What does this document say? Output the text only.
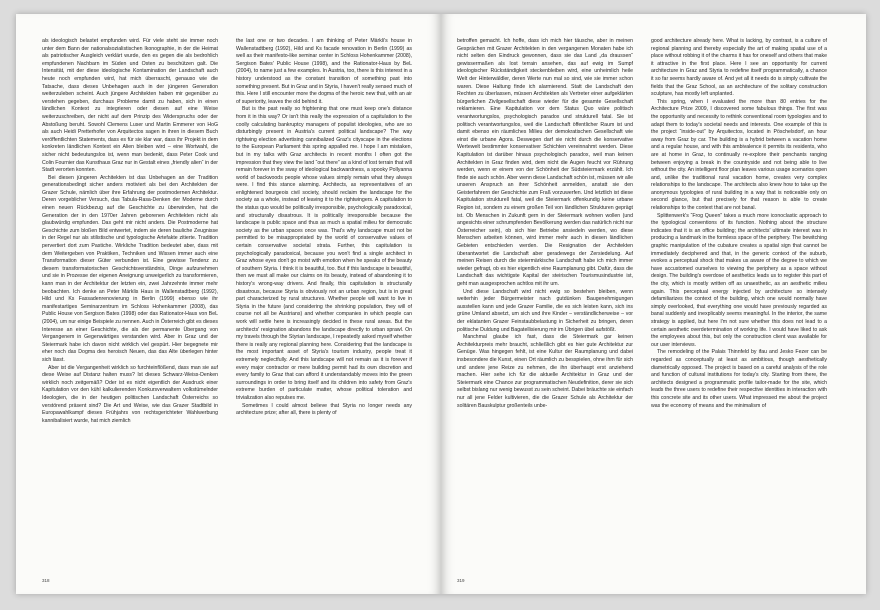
als ideologisch belastet empfunden wird. Für viele steht sie immer noch unter dem Bann der nationalsozialistischen Ikonographie, in der die Heimat als patriotischer Ausgleich verklärt wurde, den es gegen die als bedrohlich empfundenen Nachbarn im Süden und Osten zu beschützen galt. Die Intensität, mit der diese ideologische Kontamination der Landschaft auch heute noch empfunden wird, hat mich überrascht, genauso wie die Tatsache, dass dieses Unbehagen auch in der jüngeren Generation weiterzuleben scheint. Auch jüngere Architekten haben mir gegenüber zu verstehen gegeben, durchaus Probleme damit zu haben, sich in einen ländlichen Kontext zu integrieren oder diesen auf eine Weise weiterzuschreiben, der nicht auf dem Prinzip des Widerspruchs oder der Abstoßung beruht. Sowohl Clemens Luser und Martin Emmerer von HoG als auch Heidi Pretterhofer von Arquitectos sagen in ihren in diesem Buch veröffentlichten Statements, dass es für sie klar war, dass ihr Projekt in dem konkreten ländlichen Kontext ein Alien bleiben wird – eine Wortwahl, die sicher nicht bedeutungslos ist, wenn man bedenkt, dass Peter Cook und Colin Fournier das Kunsthaus Graz nur in Gestalt eines „friendly alien“ in der Stadt verorten konnten.

Bei diesen jüngeren Architekten ist das Unbehagen an der Tradition generationsbedingt sicher anders motiviert als bei den Architekten der Grazer Schule, nämlich über ihre Erfahrung der postmodernen Architektur. Deren vorgeblicher Versuch, das Tabula-Rasa-Denken der Moderne durch einen neuen Rückbezug auf die Geschichte zu überwinden, hat die Generation der in den 1970er Jahren geborenen Architekten nicht als glaubwürdig empfunden. Das geht mir nicht anders. Die Postmoderne hat Geschichte zum bloßen Bild entwertet, indem sie deren bauliche Zeugnisse in der Regel nur als stilistische und typologische Artefakte zitierte. Tradition pervertiert dort zum Pastiche. Wirkliche Tradition bedeutet aber, dass mit dem Weitergeben von Praktiken, Techniken und Wissen immer auch eine Transformation dieser Güter verbunden ist. Eine gewisse Tendenz zu diesem transformatorischen Geschichtsverständnis, Dinge aufzunehmen und sie in Prozesse der eigenen Aneignung unweigerlich zu transformieren, kann man in der Architektur der letzten ein, zwei Jahrzehnte immer mehr beobachten. Ich denke an Peter Märklis Haus in Wallenstadtberg (1992), Hild und Ks Fassadenrenovierung in Berlin (1999) ebenso wie ihr manifestartiges Seminarzentrum im Schloss Hohenkammer (2008), das Public House von Sergison Bates (1998) oder das Rationator-Haus von BeL (2004), um nur einige Beispiele zu nennen. Auch in Österreich gibt es dieses Interesse an einer Geschichte, die als der permanente Übergang von Vergangenem in Gegenwärtiges verstanden wird. Aber in Graz und der Steiermark habe ich davon nicht wirklich viel gespürt. Hier begegnete mir eher noch das Dogma des heroisch Neuen, das das Alte überlegen hinter sich lässt.

Aber ist die Vergangenheit wirklich so furchteinflößend, dass man sie auf diese Weise auf Distanz halten muss? Ist dieses Schwarz-Weiss-Denken wirklich noch zeitgemäß? Oder ist es nicht eigentlich der Ausdruck einer Kapitulation vor den kühl kalkulierenden Konkursverwaltern volkstümelnder Ideologien, die in der heutigen politischen Landschaft Österreichs so verstörend präsent sind? Die Art und Weise, wie das Grazer Stadtbild in Europawahlkampf dieses Frühjahrs von rechtsgerichteter Wahlwerbung kannibalisiert wurde, hat mich ziemlich

the last one or two decades. I am thinking of Peter Märkli's house in Wallenstadtberg (1992), Hild and Ks facade renovation in Berlin (1999) as well as their manifesto-like seminar center in Schloss Hohenkammer (2008), Sergison Bates' Public House (1998), and the Rationator-Haus by BeL (2004), to name just a few examples. In Austria, too, there is this interest in a history understood as the constant transition of something past into something present. But in Graz and in Styria, I haven't really sensed much of this. Here I still encounter more the dogma of the heroic new that, with an air of superiority, leaves the old behind it.

But is the past really so frightening that one must keep one's distance from it in this way? Or isn't this really the expression of a capitulation to the coolly calculating bankruptcy managers of populist ideologies, who are so disturbingly present in Austria's current political landscape? The way rightwing election advertising cannibalized Graz's cityscape in the elections to the European Parliament this spring appalled me. I hope I am mistaken, but in my talks with Graz architects in recent months I often got the impression that they view the land “out there” as a kind of lost terrain that will remain forever in the sway of ideological backwardness, a spooky Pollyanna world of backwoods people whose values simply remain what they always were. I find this stance alarming. Architects, as representatives of an enlightened bourgeois civil society, should reclaim the landscape for the society as a whole, instead of leaving it to the rightwingers. A capitulation to the status quo would be politically irresponsible, psychologically paradoxical, and structurally disastrous. It is politically irresponsible because the landscape is public space and thus as much a spatial milieu for democratic society as the urban spaces once was. That's why landscape must not be permitted to be misappropriated by the world of conservative values of certain conservative societal strata. Further, this capitulation is psychologically paradoxical, because you won't find a single architect in Graz whose eyes don't go moist with emotion when he speaks of the beauty of southern Styria. I think it is beautiful, too. But if this landscape is beautiful, then we must all make our claims on its beauty, instead of abandoning it to history's wrong-way drivers. And finally, this capitulation is structurally disastrous, because Styria is obviously not an urban region, but is in great part characterized by rural structures. Whether people will want to live in Styria in the future (and considering the shrinking population, they will of course not all be Austrians) and whether companies in which people can work will settle here is increasingly decided in these rural areas. But the architects' resignation abandons the landscape directly to urban sprawl. On my travels through the Styrian landscape, I repeatedly asked myself whether there is really any regional planning here. Considering that the landscape is the most important asset of Styria's tourism industry, people treat it extremely neglectfully. And this landscape will not remain as it is forever if every major contractor or mere building permit had its own discretion and every family to Graz that can afford it understandably moves into the green surroundings in order to bring itself and its children into safety from Graz's extreme burden of particulate matter, whose political toleration and trivialization also repulses me.

Sometimes I could almost believe that Styria no longer needs any architecture prize; after all, there is plenty of

318

betroffen gemacht. Ich hoffe, dass ich mich hier täusche, aber in meinen Gesprächen mit Grazer Architekten in den vergangenen Monaten habe ich nicht selten den Eindruck gewonnen, dass sie das Land „da draussen“ gewissermaßen als lost terrain ansehen, das auf ewig im Sumpf ideologischer Rückständigkeit steckenbleiben wird, eine unheimlich heile Welt der Hinterwäldler, deren Werte nun mal so sind, wie sie immer schon waren. Diese Haltung finde ich alarmierend. Statt die Landschaft den Rechten zu überlassen, müssen Architekten als Vertreter einer aufgeklärten bürgerlichen Zivilgesellschaft diese wieder für die gesamte Gesellschaft reklamieren. Eine Kapitulation vor dem Status Quo wäre politisch verantwortungslos, psychologisch paradox und strukturell fatal. Sie ist politisch verantwortungslos, weil die Landschaft öffentlicher Raum ist und damit ebenso ein räumliches Milieu der demokratischen Gesellschaft wie einst die urbane Agora. Deswegen darf sie nicht durch die konservative Wertewelt bestimmter konservativer Schichten vereinnahmt werden. Diese Kapitulation ist darüber hinaus psychologisch paradox, weil man keinen Architekten in Graz finden wird, dem nicht die Augen feucht vor Rührung werden, wenn er einem von der Schönheit der Südsteiermark erzählt. Ich finde sie auch schön. Aber wenn diese Landschaft schön ist, müssen wir alle unseren Anspruch an ihrer Schönheit anmelden, anstatt sie den Geisterfahrern der Geschichte zum Fraß vorzuwerfen. Und letztlich ist diese Kapitulation strukturell fatal, weil die Steiermark offenkundig keine urbane Region ist, sondern zu einem großen Teil von ländlichen Strukturen geprägt ist. Ob Menschen in Zukunft gern in der Steiermark wohnen wollen (und angesichts einer schrumpfenden Bevölkerung werden das natürlich nicht nur Österreicher sein), ob sich hier Betriebe ansiedeln werden, wo diese Menschen arbeiten können, wird immer mehr auch in diesen ländlichen Gebieten entschieden werden. Die Resignation der Architekten überantwortet die Landschaft aber geradewegs der Zersiedelung. Auf meinen Reisen durch die steiermärkische Landschaft habe ich mich immer wieder gefragt, ob es hier eigentlich eine Raumplanung gibt. Dafür, dass die Landschaft das wichtigste Kapital der steirischen Tourismusindustrie ist, geht man ausgesprochen achtlos mit ihr um.

Und diese Landschaft wird nicht ewig so bestehen bleiben, wenn weiterhin jeder Bürgermeister nach gutdünken Baugenehmigungen ausstellen kann und jede Grazer Familie, die es sich leisten kann, sich ins grüne Umland absetzt, um sich und ihre Kinder – verständlicherweise – vor der eklatanten Grazer Feinstaubbelastung in Sicherheit zu bringen, deren politische Duldung und Bagatellisierung mir im Übrigen übel aufstößt.

Manchmal glaube ich fast, dass die Steiermark gar keinen Architekturpreis mehr braucht, schließlich gibt es hier gute Architektur zur Genüge. Was hingegen fehlt, ist eine Kultur der Raumplanung und dabei insbesondere die Kunst, einen Ort räumlich zu besspielen, ohne ihm für sich und andere jene Reize zu nehmen, die ihn überhaupt erst anziehend machen. Hier sehe ich für die aktuelle Architektur in Graz und der Steiermark eine Chance zur programmatischen Neudefinition, derer sie sich selbst bislang nur wenig bewusst zu sein scheint. Dabei bräuchte sie einfach nur all jene Felder kultivieren, die die Grazer Schule als Architektur der solitären Bauskulptur großenteils unbe-

good architecture already here. What is lacking, by contrast, is a culture of regional planning and thereby especially the art of making spatial use of a place without robbing it of the charms it has for oneself and others that make it attractive in the first place. Here I see an opportunity for current architecture in Graz and Styria to redefine itself programmatically, a chance it so far seems hardly aware of. And yet all it needs do is simply cultivate the fields that the Graz School, as an architecture of the solitary construction sculpture, has mostly left unplanted.

This spring, when I evaluated the more than 80 entries for the Architecture Prize 2009, I discovered some fabulous things. The first was the opportunity and necessity to rethink conventional room typologies and to adapt them to today's societal needs and interests. One example of this is the project “inside-out” by Arquitectos, located in Pöschelsdorf, an hour away from Graz by car. The building is a hybrid between a vacation home and a regular house, and with this ambivalence it permits its residents, who are at home in Graz, to continually re-explore their penchants ranging between enjoying a break in the countryside and not being able to live without the city. An intelligent floor plan leaves various usage scenarios open and, unlike the traditional rural vacation home, creates very complex relationships to the landscape. The architects also knew how to take up the anonymous typologies of rural building in a way that is noticeable only on second glance, but that precisely for that reason is able to create relationships to the context that are not banal.

Splittenwerk's “Frog Queen” takes a much more iconoclastic approach to the typological conventions of its function. Nothing about the structure indicates that it is an office building; the architects' ultimate interest was in producing a landmark in the formless space of the periphery. The bewitching graphic manipulation of the cubature creates a spatial sign that cannot be immediately deciphered and that, in the generic context of the suburb, evokes a perceptual shock that makes us aware of the degree to which we have accustomed ourselves to viewing the periphery as a space without design. The building's overdose of aesthetics leads us to register this part of the city, which is mostly written off as unaesthetic, as an aesthetic milieu again. This perceptual energy injected by architecture so intensely defamiliarizes the context of the building, which one would normally have simply overlooked, that everything one would have previously regarded as banal suddenly and inexplicably seems meaningful. In the interior, the same strategy is applied, but here I'm not sure whether this does not lead to a certain aesthetic overdetermination of working life. I would have liked to ask the employees about this, but only the construction client was available for our user interviews.

The remodeling of the Palais Thinnfeld by ifau and Jesko Fezer can be regarded as conceptually at least as ambitious, though aesthetically diametrically opposed. The project is based on a careful analysis of the role and function of cultural institutions for today's city. Starting from there, the architects designed a programmatic profile tailor-made for the site, which leads the three users to redefine their respective identities in interaction with this concrete site and its other users. What impressed me about the project was the economy of means and the minimalism of

319
